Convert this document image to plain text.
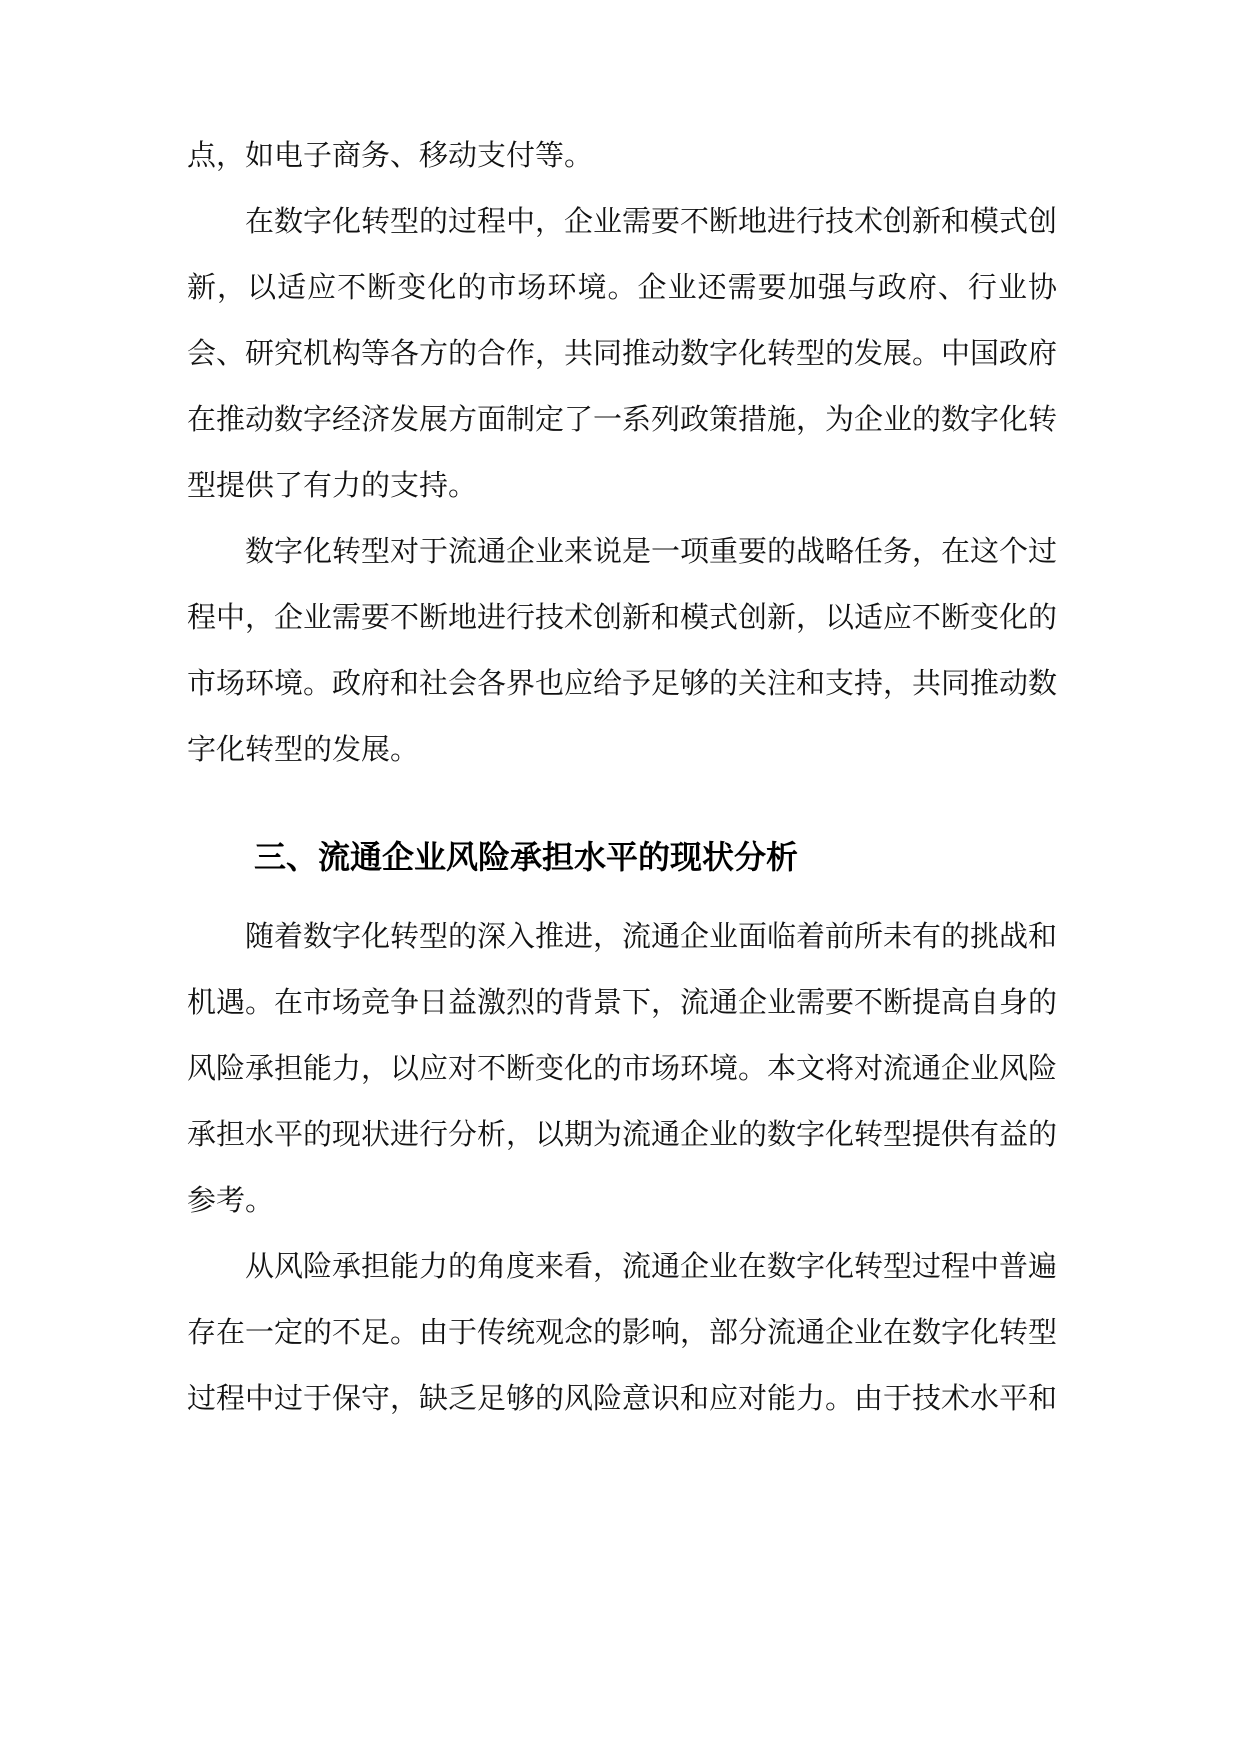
点，如电子商务、移动支付等。

在数字化转型的过程中，企业需要不断地进行技术创新和模式创新，以适应不断变化的市场环境。企业还需要加强与政府、行业协会、研究机构等各方的合作，共同推动数字化转型的发展。中国政府在推动数字经济发展方面制定了一系列政策措施，为企业的数字化转型提供了有力的支持。

数字化转型对于流通企业来说是一项重要的战略任务，在这个过程中，企业需要不断地进行技术创新和模式创新，以适应不断变化的市场环境。政府和社会各界也应给予足够的关注和支持，共同推动数字化转型的发展。

三、流通企业风险承担水平的现状分析

随着数字化转型的深入推进，流通企业面临着前所未有的挑战和机遇。在市场竞争日益激烈的背景下，流通企业需要不断提高自身的风险承担能力，以应对不断变化的市场环境。本文将对流通企业风险承担水平的现状进行分析，以期为流通企业的数字化转型提供有益的参考。

从风险承担能力的角度来看，流通企业在数字化转型过程中普遍存在一定的不足。由于传统观念的影响，部分流通企业在数字化转型过程中过于保守，缺乏足够的风险意识和应对能力。由于技术水平和
